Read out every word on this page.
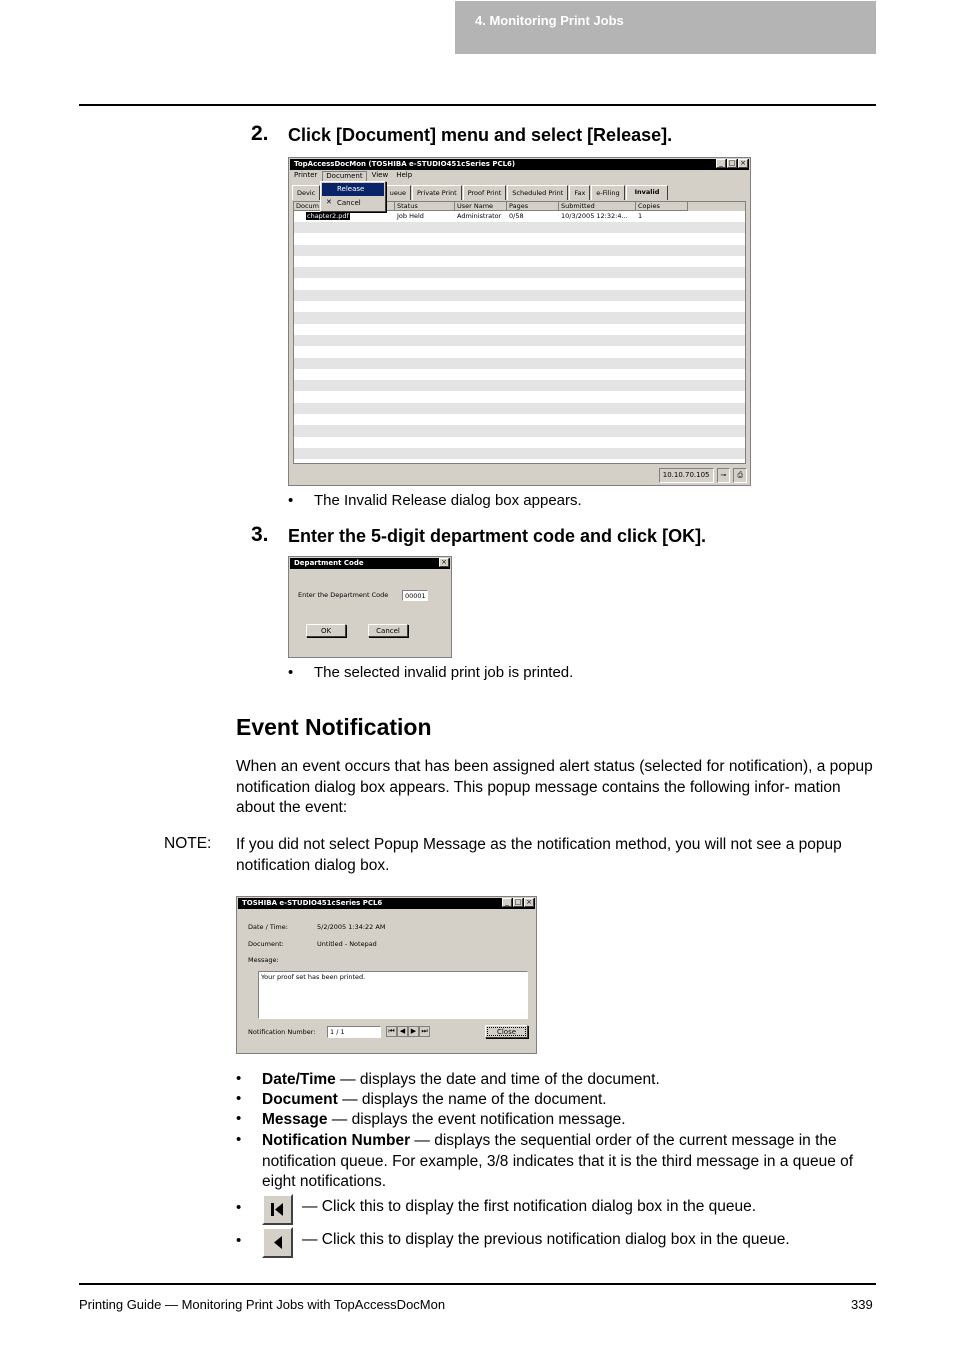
4. Monitoring Print Jobs
2. Click [Document] menu and select [Release].
TopAccessDocMon (TOSHIBA e-STUDIO451cSeries PCL6)	_ □ ×
Printer	Document	View	Help
Devic	ueue	Private Print	Proof Print	Scheduled Print	Fax	e-Filing	Invalid
Docum	Status	User Name	Pages	Submitted	Copies
chapter2.pdf	Job Held	Administrator	0/58	10/3/2005 12:32:4...	1
10.10.70.105	⊸	⎙
Release
✕ Cancel
• The Invalid Release dialog box appears.
3. Enter the 5-digit department code and click [OK].
Department Code	×
Enter the Department Code	00001
OK	Cancel
• The selected invalid print job is printed.
Event Notification
When an event occurs that has been assigned alert status (selected for notification), a popup notification dialog box appears. This popup message contains the following infor- mation about the event:
NOTE: If you did not select Popup Message as the notification method, you will not see a popup notification dialog box.
TOSHIBA e-STUDIO451cSeries PCL6	_ □ ×
Date / Time:	5/2/2005 1:34:22 AM
Document:	Untitled - Notepad
Message:
Your proof set has been printed.
Notification Number:	1 / 1	⏮ ◀ ▶ ⏭	Close
• Date/Time — displays the date and time of the document.
• Document — displays the name of the document.
• Message — displays the event notification message.
• Notification Number — displays the sequential order of the current message in the notification queue. For example, 3/8 indicates that it is the third message in a queue of eight notifications.
•	— Click this to display the first notification dialog box in the queue.
•	— Click this to display the previous notification dialog box in the queue.
Printing Guide — Monitoring Print Jobs with TopAccessDocMon	339
